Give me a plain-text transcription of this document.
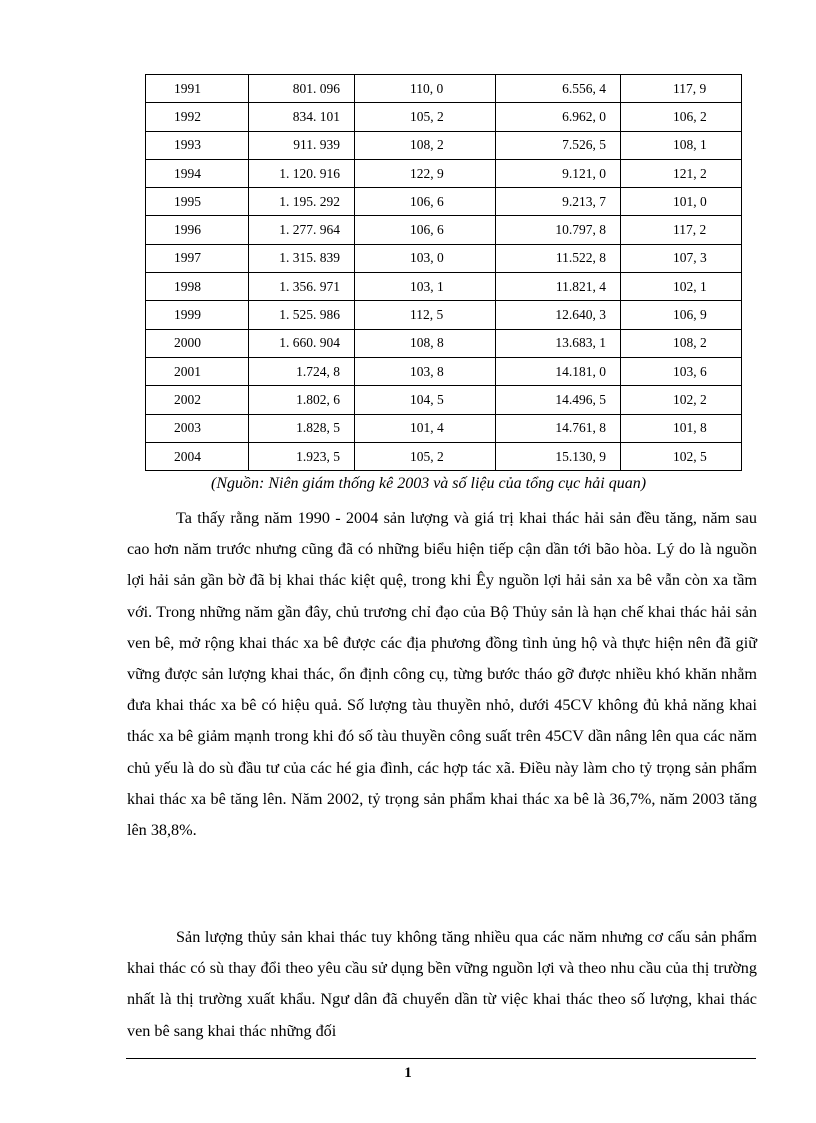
1991	801. 096	110, 0	6.556, 4	117, 9
1992	834. 101	105, 2	6.962, 0	106, 2
1993	911. 939	108, 2	7.526, 5	108, 1
1994	1. 120. 916	122, 9	9.121, 0	121, 2
1995	1. 195. 292	106, 6	9.213, 7	101, 0
1996	1. 277. 964	106, 6	10.797, 8	117, 2
1997	1. 315. 839	103, 0	11.522, 8	107, 3
1998	1. 356. 971	103, 1	11.821, 4	102, 1
1999	1. 525. 986	112, 5	12.640, 3	106, 9
2000	1. 660. 904	108, 8	13.683, 1	108, 2
2001	1.724, 8	103, 8	14.181, 0	103, 6
2002	1.802, 6	104, 5	14.496, 5	102, 2
2003	1.828, 5	101, 4	14.761, 8	101, 8
2004	1.923, 5	105, 2	15.130, 9	102, 5
(Nguồn: Niên giám thống kê 2003 và số liệu của tổng cục hải quan)

Ta thấy rằng năm 1990 - 2004 sản lượng và giá trị khai thác hải sản đều tăng, năm sau cao hơn năm trước nhưng cũng đã có những biểu hiện tiếp cận dần tới bão hòa. Lý do là nguồn lợi hải sản gần bờ đã bị khai thác kiệt quệ, trong khi Êy nguồn lợi hải sản xa bê vẫn còn xa tầm với. Trong những năm gần đây, chủ trương chỉ đạo của Bộ Thủy sản là hạn chế khai thác hải sản ven bê, mở rộng khai thác xa bê được các địa phương đồng tình ủng hộ và thực hiện nên đã giữ vững được sản lượng khai thác, ổn định công cụ, từng bước tháo gỡ được nhiều khó khăn nhằm đưa khai thác xa bê có hiệu quả. Số lượng tàu thuyền nhỏ, dưới 45CV không đủ khả năng khai thác xa bê giảm mạnh trong khi đó số tàu thuyền công suất trên 45CV dần nâng lên qua các năm chủ yếu là do sù đầu tư của các hé gia đình, các hợp tác xã. Điều này làm cho tỷ trọng sản phẩm khai thác xa bê tăng lên. Năm 2002, tỷ trọng sản phẩm khai thác xa bê là 36,7%, năm 2003 tăng lên 38,8%.

Sản lượng thủy sản khai thác tuy không tăng nhiều qua các năm nhưng cơ cấu sản phẩm khai thác có sù thay đổi theo yêu cầu sử dụng bền vững nguồn lợi và theo nhu cầu của thị trường nhất là thị trường xuất khẩu. Ngư dân đã chuyển dần từ việc khai thác theo số lượng, khai thác ven bê sang khai thác những đối

1
